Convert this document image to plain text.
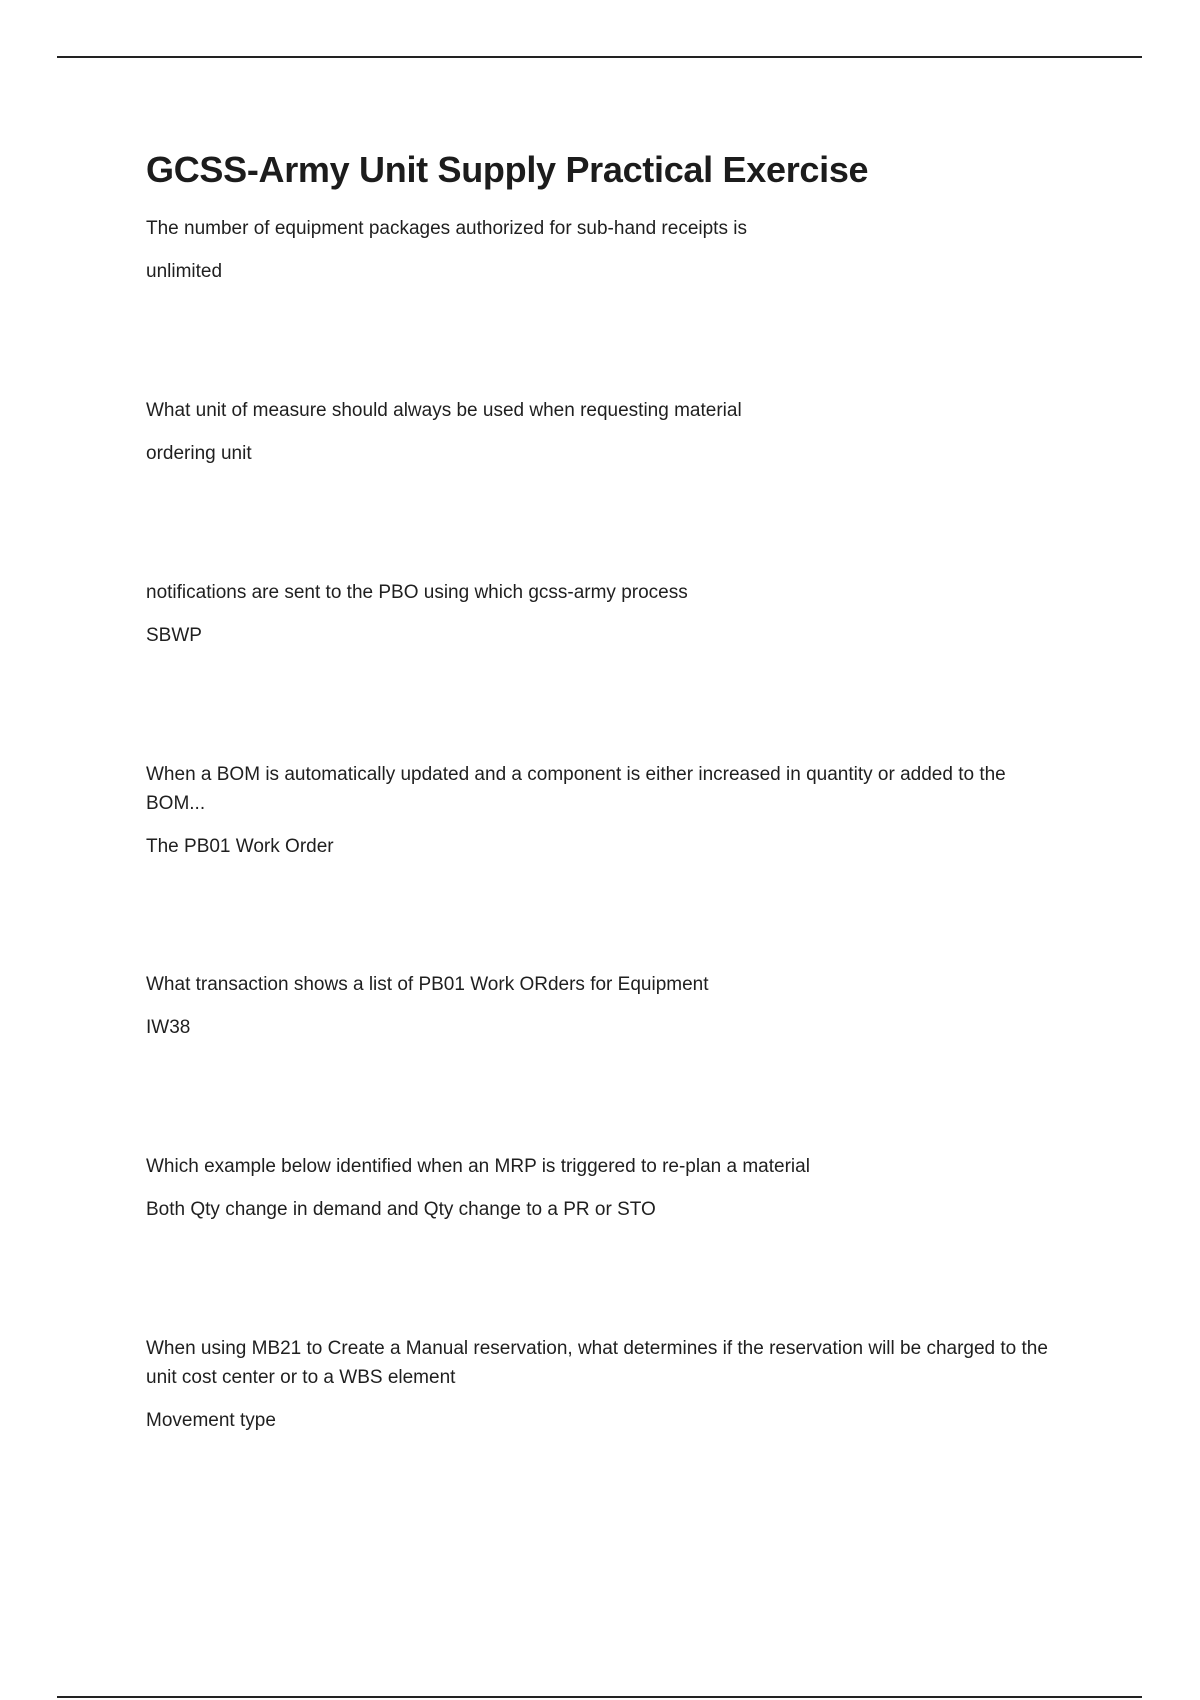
GCSS-Army Unit Supply Practical Exercise

The number of equipment packages authorized for sub-hand receipts is

unlimited

What unit of measure should always be used when requesting material

ordering unit

notifications are sent to the PBO using which gcss-army process

SBWP

When a BOM is automatically updated and a component is either increased in quantity or added to the BOM...

The PB01 Work Order

What transaction shows a list of PB01 Work ORders for Equipment

IW38

Which example below identified when an MRP is triggered to re-plan a material

Both Qty change in demand and Qty change to a PR or STO

When using MB21 to Create a Manual reservation, what determines if the reservation will be charged to the unit cost center or to a WBS element

Movement type
